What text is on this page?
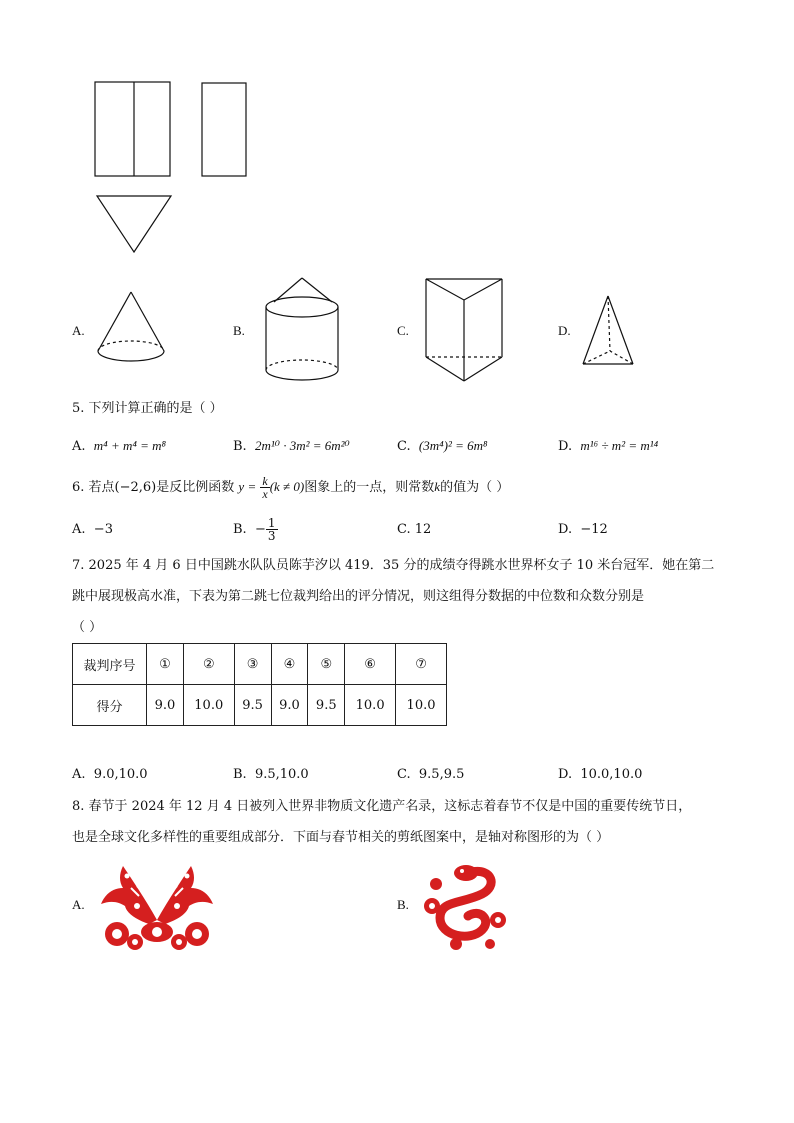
A.	B.	C.	D.
5. 下列计算正确的是（ ）
A. m⁴ + m⁴ = m⁸	B. 2m¹⁰ · 3m² = 6m²⁰	C. (3m⁴)² = 6m⁸	D. m¹⁶ ÷ m² = m¹⁴
6. 若点(−2,6)是反比例函数 $y = \frac{k}{x} (k \ne 0)$图象上的一点，则常数k的值为（ ）
A. −3	B. − $\frac{1}{3}$	C. 12	D. −12
7. 2025 年 4 月 6 日中国跳水队队员陈芋汐以 419．35 分的成绩夺得跳水世界杯女子 10 米台冠军．她在第二
跳中展现极高水准，下表为第二跳七位裁判给出的评分情况，则这组得分数据的中位数和众数分别是
（ ）
裁判序号	①	②	③	④	⑤	⑥	⑦
得分	9.0	10.0	9.5	9.0	9.5	10.0	10.0
A. 9.0,10.0	B. 9.5,10.0	C. 9.5,9.5	D. 10.0,10.0
8. 春节于 2024 年 12 月 4 日被列入世界非物质文化遗产名录，这标志着春节不仅是中国的重要传统节日，
也是全球文化多样性的重要组成部分．下面与春节相关的剪纸图案中，是轴对称图形的为（ ）
A.	B.
